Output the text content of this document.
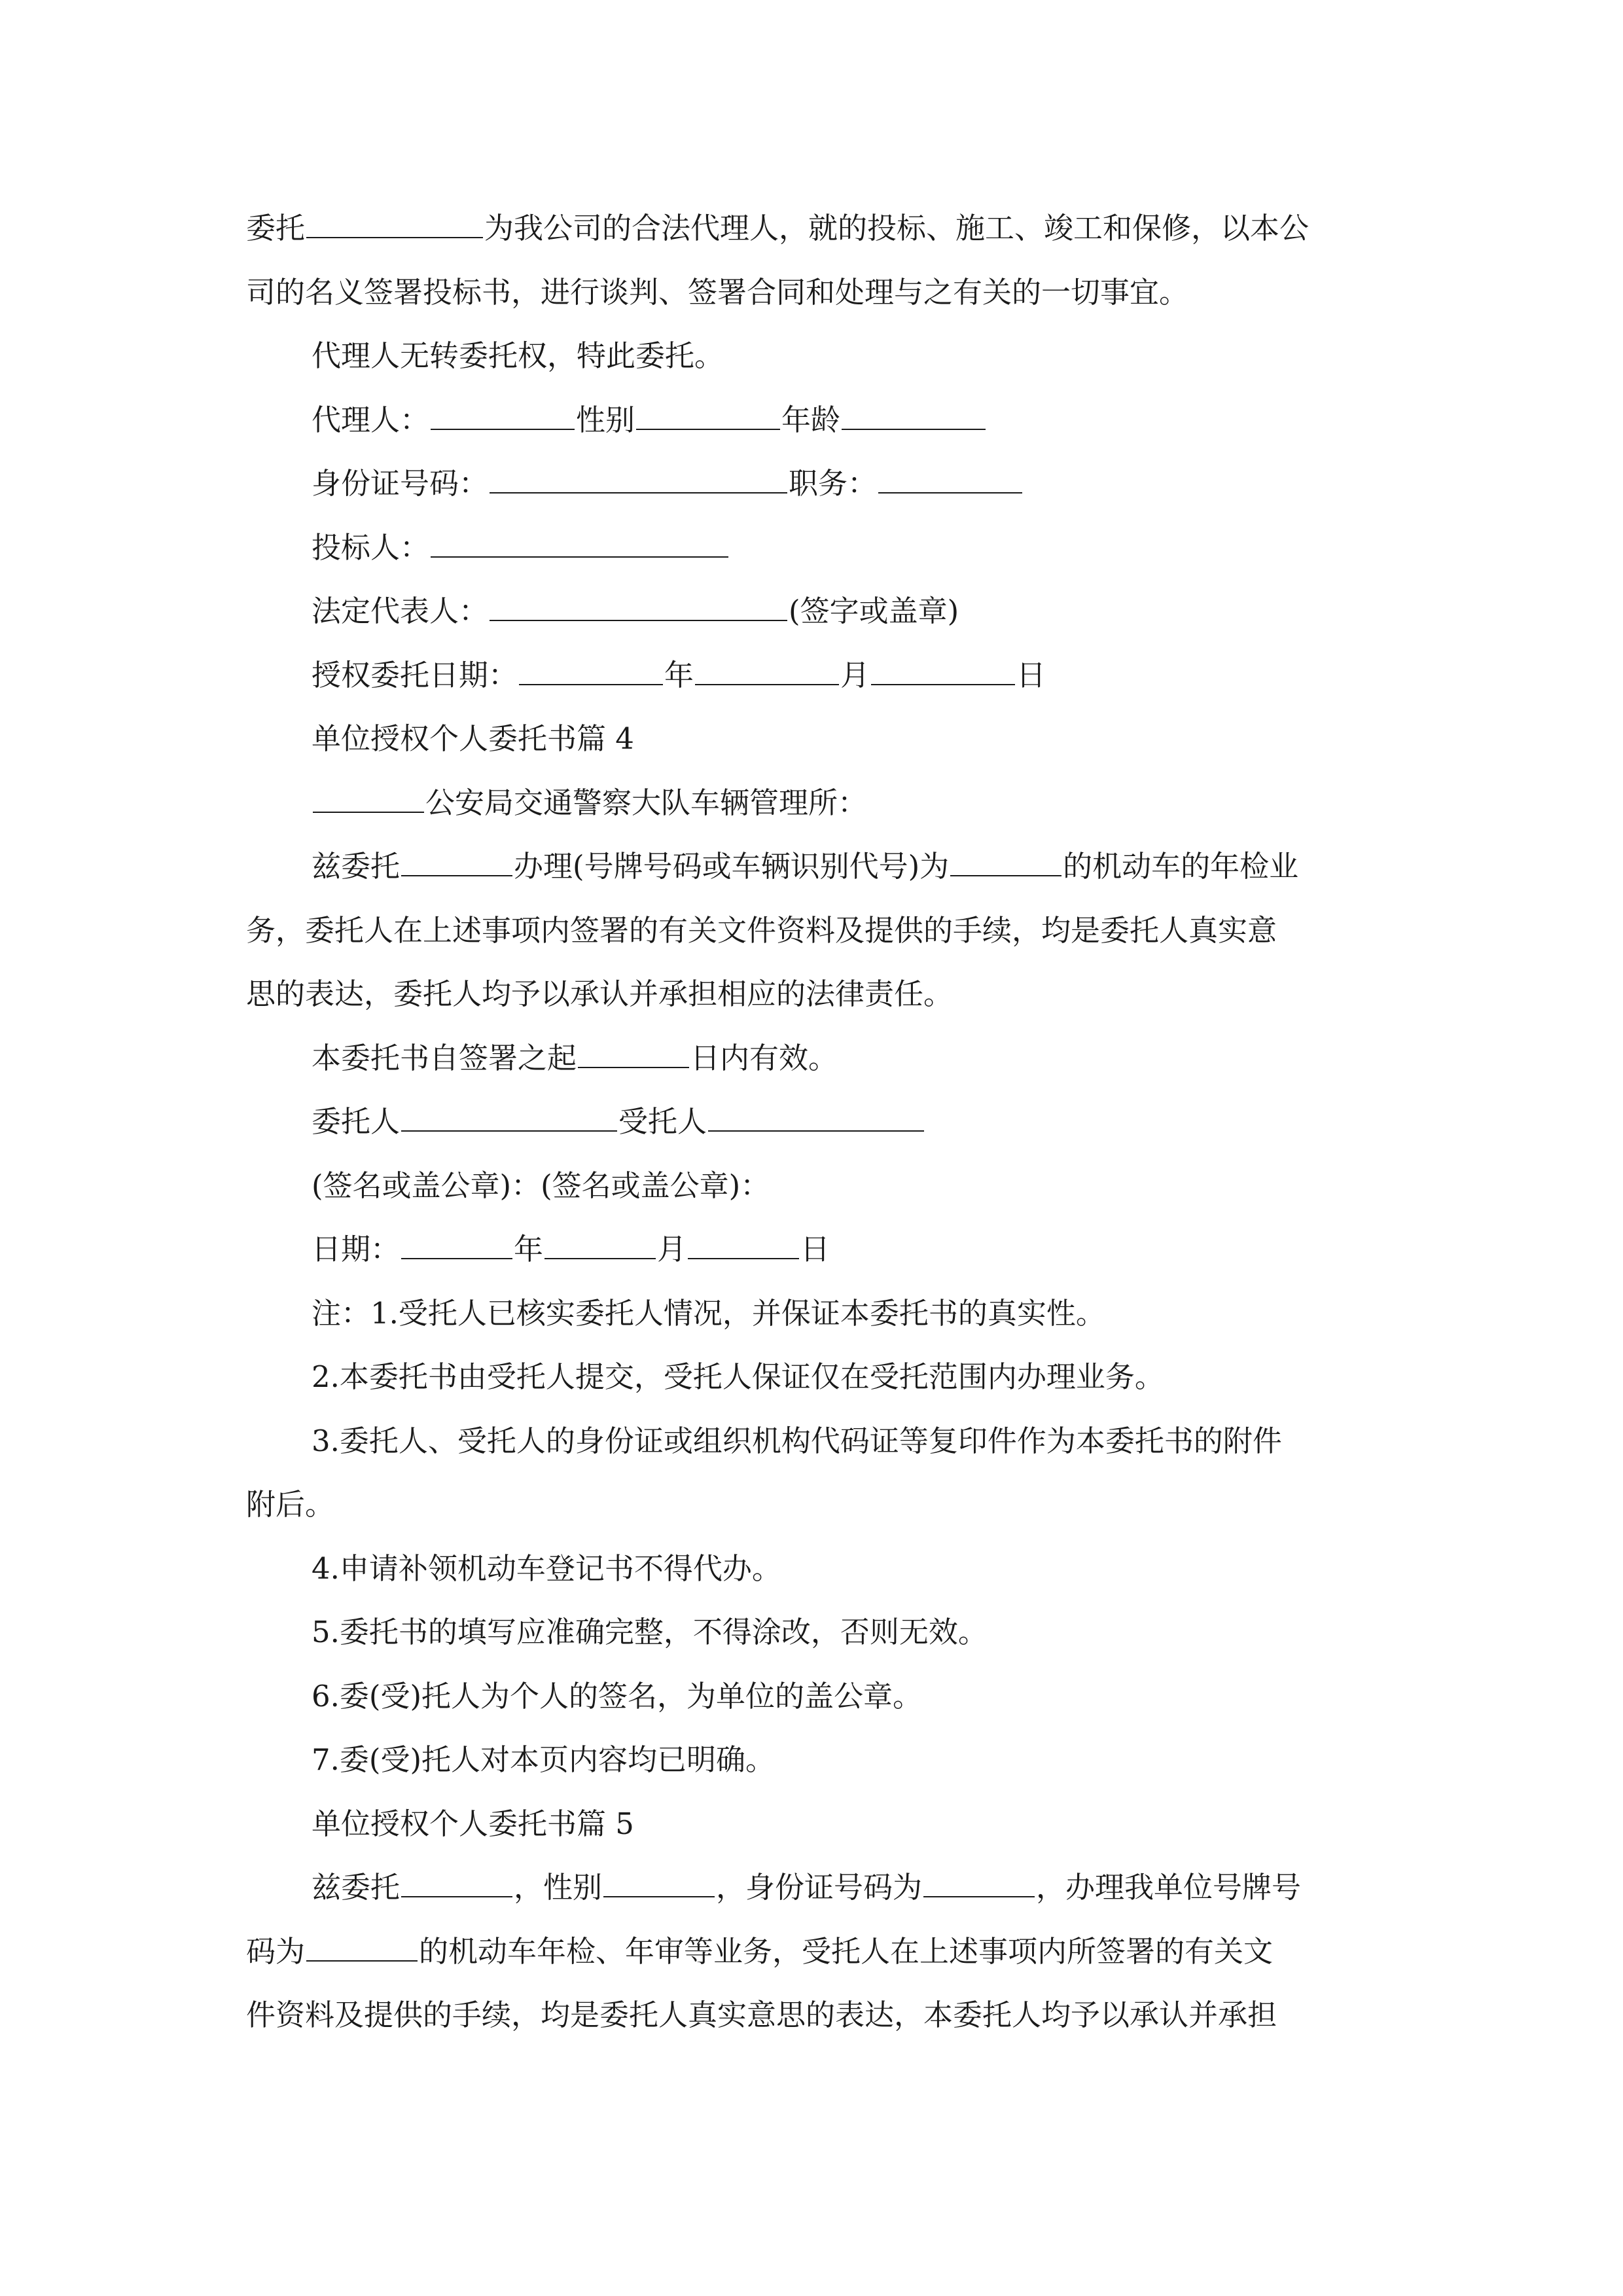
委托	为我公司的合法代理人，就的投标、施工、竣工和保修，以本公
司的名义签署投标书，进行谈判、签署合同和处理与之有关的一切事宜。
代理人无转委托权，特此委托。
代理人：	性别	年龄
身份证号码：	职务：
投标人：
法定代表人：	(签字或盖章)
授权委托日期：	年	月	日
单位授权个人委托书篇 4
公安局交通警察大队车辆管理所：
兹委托	办理(号牌号码或车辆识别代号)为	的机动车的年检业
务，委托人在上述事项内签署的有关文件资料及提供的手续，均是委托人真实意
思的表达，委托人均予以承认并承担相应的法律责任。
本委托书自签署之起	日内有效。
委托人	受托人
(签名或盖公章)：(签名或盖公章)：
日期：	年	月	日
注：1.受托人已核实委托人情况，并保证本委托书的真实性。
2.本委托书由受托人提交，受托人保证仅在受托范围内办理业务。
3.委托人、受托人的身份证或组织机构代码证等复印件作为本委托书的附件
附后。
4.申请补领机动车登记书不得代办。
5.委托书的填写应准确完整，不得涂改，否则无效。
6.委(受)托人为个人的签名，为单位的盖公章。
7.委(受)托人对本页内容均已明确。
单位授权个人委托书篇 5
兹委托	，性别	，身份证号码为	，办理我单位号牌号
码为	的机动车年检、年审等业务，受托人在上述事项内所签署的有关文
件资料及提供的手续，均是委托人真实意思的表达，本委托人均予以承认并承担
